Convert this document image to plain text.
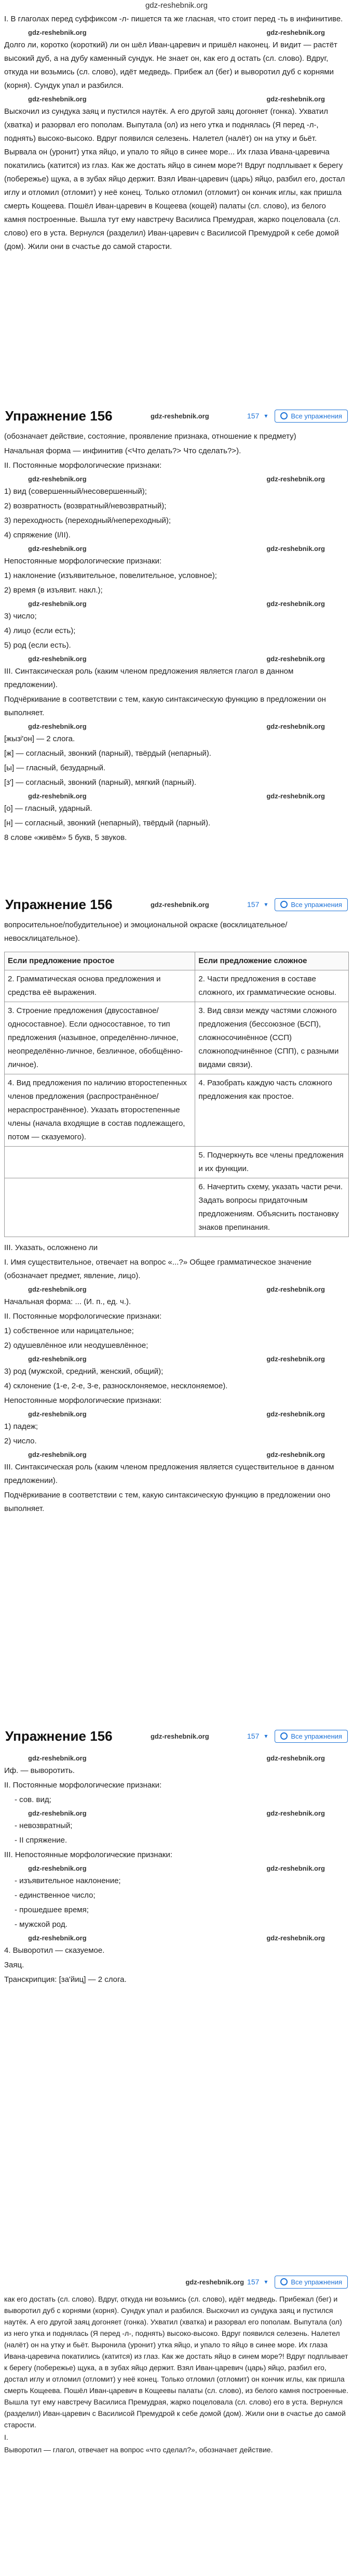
gdz-reshebnik.org

I. В глаголах перед суффиксом -л- пишется та же гласная, что стоит перед -ть в инфинитиве.

gdz-reshebnik.org	gdz-reshebnik.org

Долго ли, коротко (короткий) ли он шёл Иван-царевич и пришёл наконец. И видит — растёт высокий дуб, а на дубу каменный сундук. Не знает он, как его д остать (сл. слово). Вдруг, откуда ни возьмись (сл. слово), идёт медведь. Прибеж ал (бег) и выворотил дуб с корнями (корня). Сундук упал и разбился.

gdz-reshebnik.org	gdz-reshebnik.org

Выскочил из сундука заяц и пустился наутёк. А его другой заяц догоняет (гонка). Ухватил (хватка) и разорвал его пополам. Выпуталa (ол) из него утка и поднялась (Я перед -л-, поднять) высоко-высоко. Вдруг появился селезень. Налетел (налёт) он на утку и бьёт. Вырвала он (уронит) утка яйцо, и упало то яйцо в синее море... Их глаза Ивана-царевича покатились (катится) из глаз. Как же достать яйцо в синем море?! Вдруг подплывает к берегу (побережье) щука, а в зубах яйцо держит. Взял Иван-царевич (царь) яйцо, разбил его, достал иглу и отломил (отломит) у неё конец. Только отломил (отломит) он кончик иглы, как пришла смерть Кощеева. Пошёл Иван-царевич в Кощеева (кощей) палаты (сл. слово), из белого камня построенные. Вышла тут ему навстречу Василиса Премудрая, жарко поцеловала (сл. слово) его в уста. Вернулся (разделил) Иван-царевич с Василисой Премудрой к себе домой (дом). Жили они в счастье до самой старости.

Упражнение 156	gdz-reshebnik.org	157 ▾	Все упражнения

(обозначает действие, состояние, проявление признака, отношение к предмету)

Начальная форма — инфинитив (<Что делать?> Что сделать?>).

II. Постоянные морфологические признаки:

gdz-reshebnik.org	gdz-reshebnik.org

1) вид (совершенный/несовершенный);

2) возвратность (возвратный/невозвратный);

3) переходность (переходный/непереходный);

4) спряжение (I/II).

gdz-reshebnik.org	gdz-reshebnik.org

Непостоянные морфологические признаки:

1) наклонение (изъявительное, повелительное, условное);

2) время (в изъявит. накл.);

gdz-reshebnik.org	gdz-reshebnik.org

3) число;

4) лицо (если есть);

5) род (если есть).

gdz-reshebnik.org	gdz-reshebnik.org

III. Синтаксическая роль (каким членом предложения является глагол в данном предложении).

Подчёркивание в соответствии с тем, какую синтаксическую функцию в предложении он выполняет.

gdz-reshebnik.org	gdz-reshebnik.org

[жызʲ'он] — 2 слога.

[ж] — согласный, звонкий (парный), твёрдый (непарный).

[ы] — гласный, безударный.

[з'] — согласный, звонкий (парный), мягкий (парный).

gdz-reshebnik.org	gdz-reshebnik.org

[о] — гласный, ударный.

[н] — согласный, звонкий (непарный), твёрдый (парный).

8 слове «живём» 5 букв, 5 звуков.

Упражнение 156	gdz-reshebnik.org	157 ▾	Все упражнения

вопросительное/побудительное) и эмоциональной окраске (восклицательное/невосклицательное).

Если предложение простое	Если предложение сложное
2. Грамматическая основа предложения и средства её выражения.	2. Части предложения в составе сложного, их грамматические основы.
3. Строение предложения (двусоставное/односоставное). Если односоставное, то тип предложения (назывное, определённо-личное, неопределённо-личное, безличное, обобщённо-личное).	3. Вид связи между частями сложного предложения (бессоюзное (БСП), сложносочинённое (ССП) сложноподчинённое (СПП), с разными видами связи).
4. Вид предложения по наличию второстепенных членов предложения (распространённое/нераспространённое). Указать второстепенные члены (начала входящие в состав подлежащего, потом — сказуемого).	4. Разобрать каждую часть сложного предложения как простое.
	5. Подчеркнуть все члены предложения и их функции.
	6. Начертить схему, указать части речи. Задать вопросы придаточным предложениям. Объяснить постановку знаков препинания.

III. Указать, осложнено ли

I. Имя существительное, отвечает на вопрос «...?» Общее грамматическое значение (обозначает предмет, явление, лицо).

gdz-reshebnik.org	gdz-reshebnik.org

Начальная форма: ... (И. п., ед. ч.).

II. Постоянные морфологические признаки:

1) собственное или нарицательное;

2) одушевлённое или неодушевлённое;

gdz-reshebnik.org	gdz-reshebnik.org

3) род (мужской, средний, женский, общий);

4) склонение (1-е, 2-е, 3-е, разносклоняемое, несклоняемое).

Непостоянные морфологические признаки:

gdz-reshebnik.org	gdz-reshebnik.org

1) падеж;

2) число.

gdz-reshebnik.org	gdz-reshebnik.org

III. Синтаксическая роль (каким членом предложения является существительное в данном предложении).

Подчёркивание в соответствии с тем, какую синтаксическую функцию в предложении оно выполняет.

Упражнение 156	gdz-reshebnik.org	157 ▾	Все упражнения
gdz-reshebnik.org	gdz-reshebnik.org

Иф. — выворотить.

II. Постоянные морфологические признаки:

- сов. вид;

gdz-reshebnik.org	gdz-reshebnik.org

- невозвратный;

- II спряжение.

III. Непостоянные морфологические признаки:

gdz-reshebnik.org	gdz-reshebnik.org

- изъявительное наклонение;

- единственное число;

- прошедшее время;

- мужской род.

gdz-reshebnik.org	gdz-reshebnik.org

4. Выворотил — сказуемое.

Заяц.

Транскрипция: [за'йиц] — 2 слога.

gdz-reshebnik.org 157 ▾	Все упражнения

как его достать (сл. слово). Вдруг, откуда ни возьмись (сл. слово), идёт медведь. Прибежал (бег) и выворотил дуб с корнями (корня). Сундук упал и разбился. Выскочил из сундука заяц и пустился наутёк. А его другой заяц догоняет (гонка). Ухватил (хватка) и разорвал его пополам. Выпутала (ол) из него утка и поднялась (Я перед -л-, поднять) высоко-высоко. Вдруг появился селезень. Налетел (налёт) он на утку и бьёт. Выронила (уронит) утка яйцо, и упало то яйцо в синее море. Их глаза Ивана-царевича покатились (катится) из глаз. Как же достать яйцо в синем море?! Вдруг подплывает к берегу (побережье) щука, а в зубах яйцо держит. Взял Иван-царевич (царь) яйцо, разбил его, достал иглу и отломил (отломит) у неё конец. Только отломил (отломит) он кончик иглы, как пришла смерть Кощеева. Пошёл Иван-царевич в Кощеевы палаты (сл. слово), из белого камня построенные. Вышла тут ему навстречу Василиса Премудрая, жарко поцеловала (сл. слово) его в уста. Вернулся (разделил) Иван-царевич с Василисой Премудрой к себе домой (дом). Жили они в счастье до самой старости.

I.

Выворотил — глагол, отвечает на вопрос «что сделал?», обозначает действие.
